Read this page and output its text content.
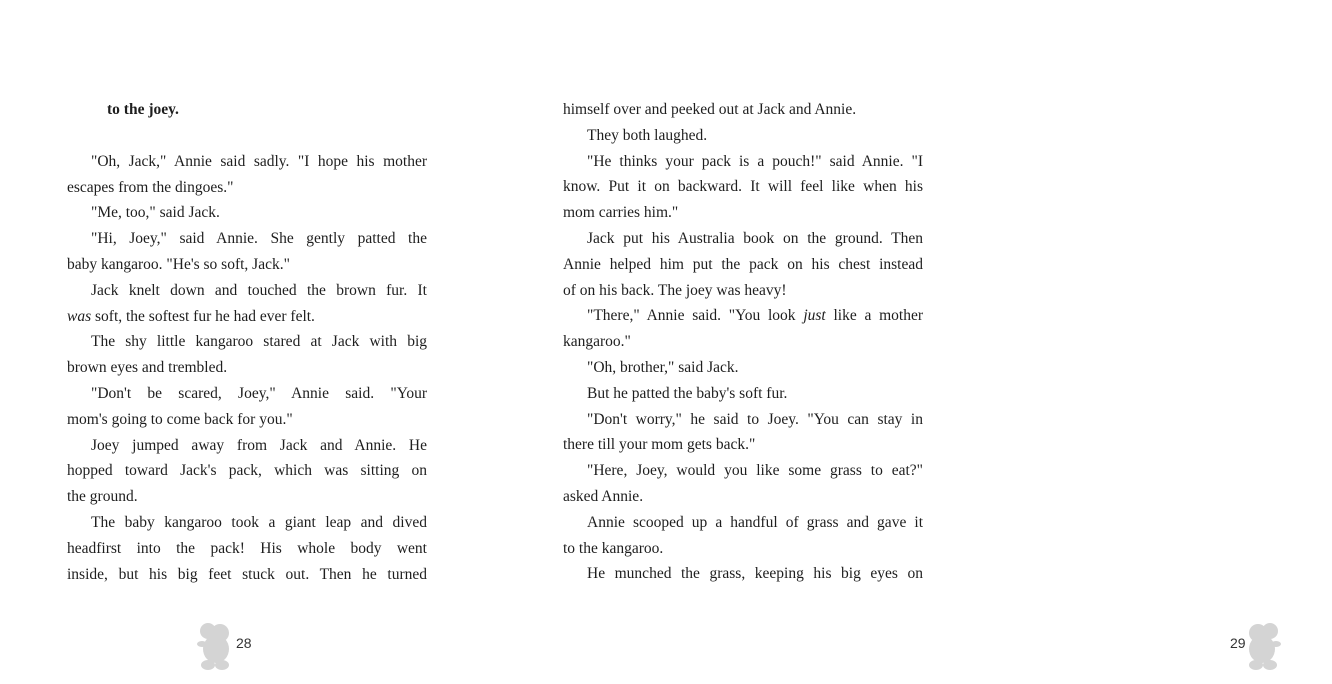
to the joey.
"Oh, Jack," Annie said sadly. "I hope his mother
escapes from the dingoes."
"Me, too," said Jack.
"Hi, Joey," said Annie. She gently patted the
baby kangaroo. "He's so soft, Jack."
Jack knelt down and touched the brown fur. It
was soft, the softest fur he had ever felt.
The shy little kangaroo stared at Jack with big
brown eyes and trembled.
"Don't be scared, Joey," Annie said. "Your
mom's going to come back for you."
Joey jumped away from Jack and Annie. He
hopped toward Jack's pack, which was sitting on
the ground.
The baby kangaroo took a giant leap and dived
headfirst into the pack! His whole body went
inside, but his big feet stuck out. Then he turned
28
himself over and peeked out at Jack and Annie.
They both laughed.
"He thinks your pack is a pouch!" said Annie. "I
know. Put it on backward. It will feel like when his
mom carries him."
Jack put his Australia book on the ground. Then
Annie helped him put the pack on his chest instead
of on his back. The joey was heavy!
"There," Annie said. "You look just like a mother
kangaroo."
"Oh, brother," said Jack.
But he patted the baby's soft fur.
"Don't worry," he said to Joey. "You can stay in
there till your mom gets back."
"Here, Joey, would you like some grass to eat?"
asked Annie.
Annie scooped up a handful of grass and gave it
to the kangaroo.
He munched the grass, keeping his big eyes on
29
